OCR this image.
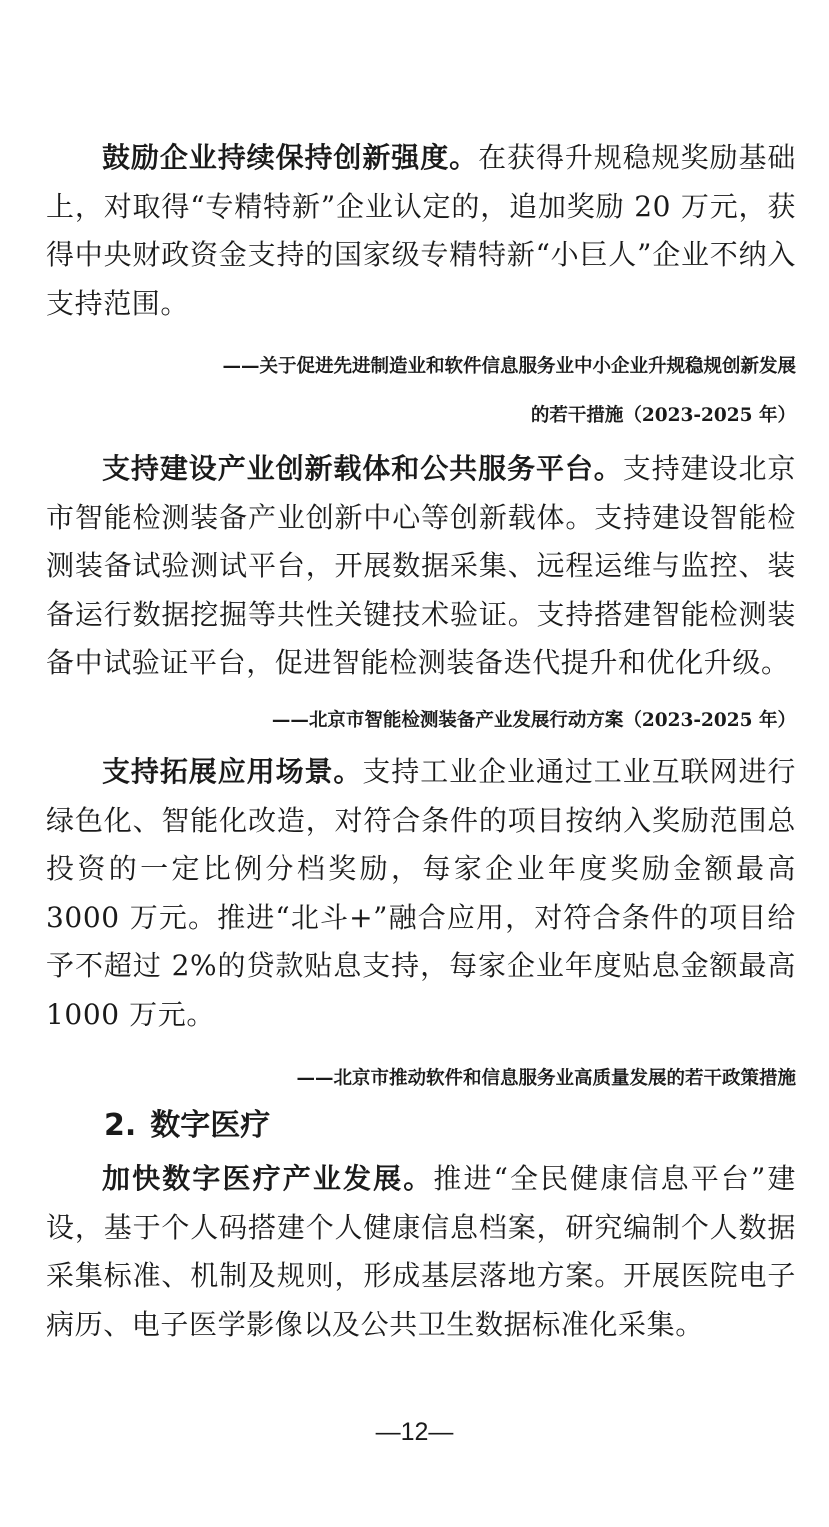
鼓励企业持续保持创新强度。在获得升规稳规奖励基础上，对取得“专精特新”企业认定的，追加奖励 20 万元，获得中央财政资金支持的国家级专精特新“小巨人”企业不纳入支持范围。

——关于促进先进制造业和软件信息服务业中小企业升规稳规创新发展

的若干措施（2023-2025 年）

支持建设产业创新载体和公共服务平台。支持建设北京市智能检测装备产业创新中心等创新载体。支持建设智能检测装备试验测试平台，开展数据采集、远程运维与监控、装备运行数据挖掘等共性关键技术验证。支持搭建智能检测装备中试验证平台，促进智能检测装备迭代提升和优化升级。

——北京市智能检测装备产业发展行动方案（2023-2025 年）

支持拓展应用场景。支持工业企业通过工业互联网进行绿色化、智能化改造，对符合条件的项目按纳入奖励范围总投资的一定比例分档奖励，每家企业年度奖励金额最高 3000 万元。推进“北斗+”融合应用，对符合条件的项目给予不超过 2%的贷款贴息支持，每家企业年度贴息金额最高 1000 万元。

——北京市推动软件和信息服务业高质量发展的若干政策措施

2. 数字医疗

加快数字医疗产业发展。推进“全民健康信息平台”建设，基于个人码搭建个人健康信息档案，研究编制个人数据采集标准、机制及规则，形成基层落地方案。开展医院电子病历、电子医学影像以及公共卫生数据标准化采集。

—12—
